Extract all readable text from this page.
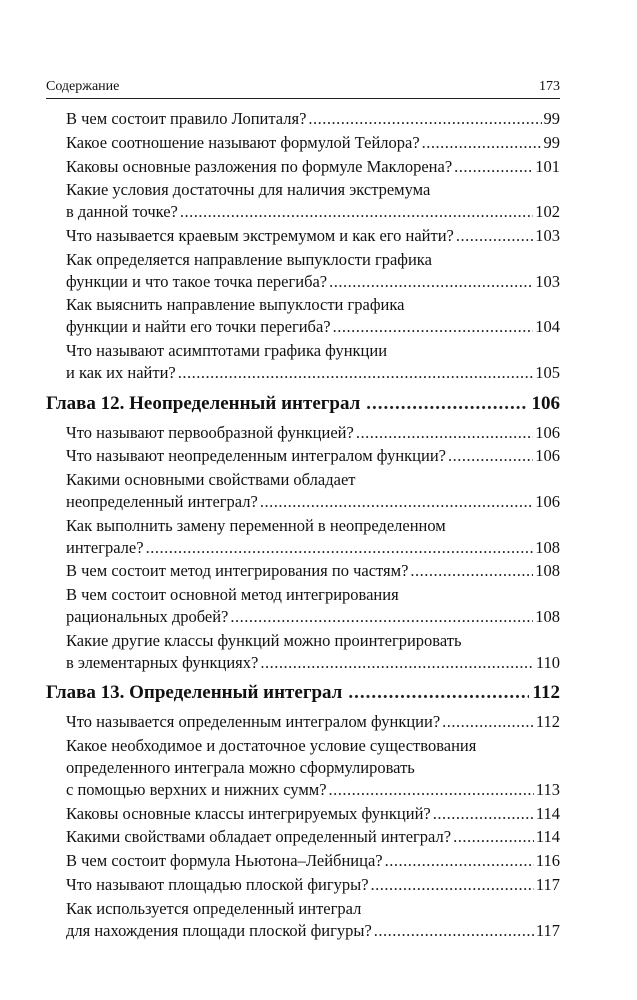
Содержание	173
В чем состоит правило Лопиталя? .....	99
Какое соотношение называют формулой Тейлора? .....	99
Каковы основные разложения по формуле Маклорена? .....	101
Какие условия достаточны для наличия экстремума
в данной точке? .....	102
Что называется краевым экстремумом и как его найти? .....	103
Как определяется направление выпуклости графика
функции и что такое точка перегиба? .....	103
Как выяснить направление выпуклости графика
функции и найти его точки перегиба? .....	104
Что называют асимптотами графика функции
и как их найти? .....	105
Глава 12. Неопределенный интеграл .....	106
Что называют первообразной функцией? .....	106
Что называют неопределенным интегралом функции? .....	106
Какими основными свойствами обладает
неопределенный интеграл? .....	106
Как выполнить замену переменной в неопределенном
интеграле? .....	108
В чем состоит метод интегрирования по частям? .....	108
В чем состоит основной метод интегрирования
рациональных дробей? .....	108
Какие другие классы функций можно проинтегрировать
в элементарных функциях? .....	110
Глава 13. Определенный интеграл .....	112
Что называется определенным интегралом функции? .....	112
Какое необходимое и достаточное условие существования
определенного интеграла можно сформулировать
с помощью верхних и нижних сумм? .....	113
Каковы основные классы интегрируемых функций? .....	114
Какими свойствами обладает определенный интеграл? .....	114
В чем состоит формула Ньютона–Лейбница? .....	116
Что называют площадью плоской фигуры? .....	117
Как используется определенный интеграл
для нахождения площади плоской фигуры? .....	117
